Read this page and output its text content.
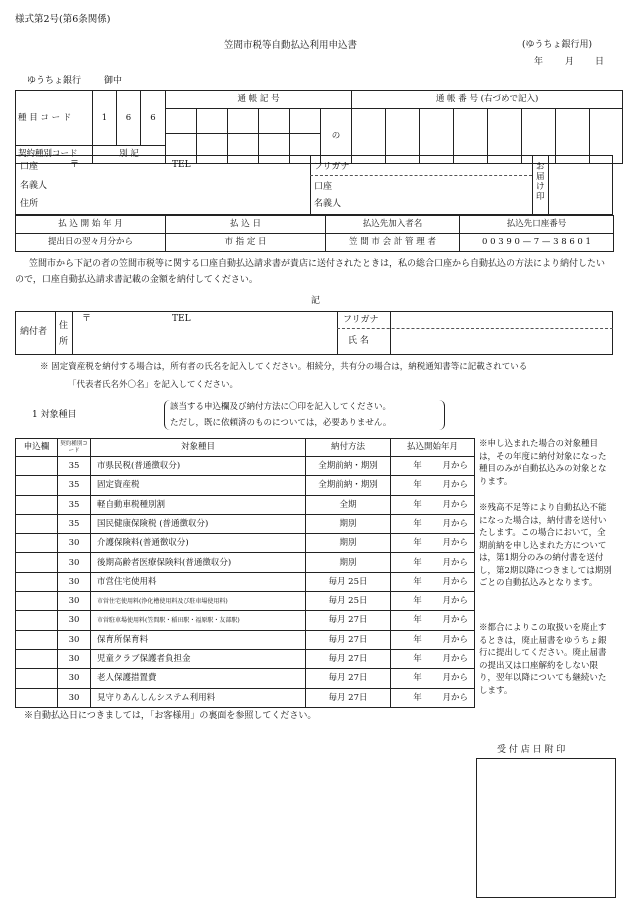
様式第2号(第6条関係)
笠間市税等自動払込利用申込書	(ゆうちょ銀行用)
年 月 日
ゆうちょ銀行	御中
種 目 コ ー ド	1	6	6	通 帳 記 号						通 帳 番 号 (右づめで記入)							
									の								

契約種別コード	別 記																
口座
名義人
住所
〒	TEL	フリガナ
口座
名義人
お届け印
払 込 開 始 年 月	払 込 日	払込先加入者名	払込先口座番号
提出日の翌々月分から	市 指 定 日	笠 間 市 会 計 管 理 者	0 0 3 9 0 — 7 — 3 8 6 0 1
笠間市から下記の者の笠間市税等に関する口座自動払込請求書が貴店に送付されたときは，私の総合口座から自動払込の方法により納付したいので，口座自動払込請求書記載の金額を納付してください。
記
納付者
住所
〒	TEL	フリガナ
氏 名
※ 固定資産税を納付する場合は，所有者の氏名を記入してください。相続分，共有分の場合は，納税通知書等に記載されている
「代表者氏名外〇名」を記入してください。
1 対象種目
該当する申込欄及び納付方法に〇印を記入してください。
ただし，既に依頼済のものについては，必要ありません。
申込欄	契約種別コード	対象種目	納付方法	払込開始年月
	35	市県民税(普通徴収分)	全期前納・期別	年 月から
	35	固定資産税	全期前納・期別	年 月から
	35	軽自動車税種別割	全期	年 月から
	35	国民健康保険税 (普通徴収分)	期別	年 月から
	30	介護保険料(普通徴収分)	期別	年 月から
	30	後期高齢者医療保険料(普通徴収分)	期別	年 月から
	30	市営住宅使用料	毎月 25日	年 月から
	30	市営住宅使用料(浄化槽使用料及び駐車場使用料)	毎月 25日	年 月から
	30	市営駐車場使用料(笠間駅・稲田駅・福原駅・友部駅)	毎月 27日	年 月から
	30	保育所保育料	毎月 27日	年 月から
	30	児童クラブ保護者負担金	毎月 27日	年 月から
	30	老人保護措置費	毎月 27日	年 月から
	30	見守りあんしんシステム利用料	毎月 27日	年 月から
※申し込まれた場合の対象種目は，その年度に納付対象になった種目のみが自動払込みの対象となります。
※残高不足等により自動払込不能になった場合は，納付書を送付いたします。この場合において，全期前納を申し込まれた方については，第1期分のみの納付書を送付し，第2期以降につきましては期別ごとの自動払込みとなります。
※都合によりこの取扱いを廃止するときは，廃止届書をゆうちょ銀行に提出してください。廃止届書の提出又は口座解約をしない限り，翌年以降についても継続いたします。
※自動払込日につきましては，「お客様用」の裏面を参照してください。
受 付 店 日 附 印
